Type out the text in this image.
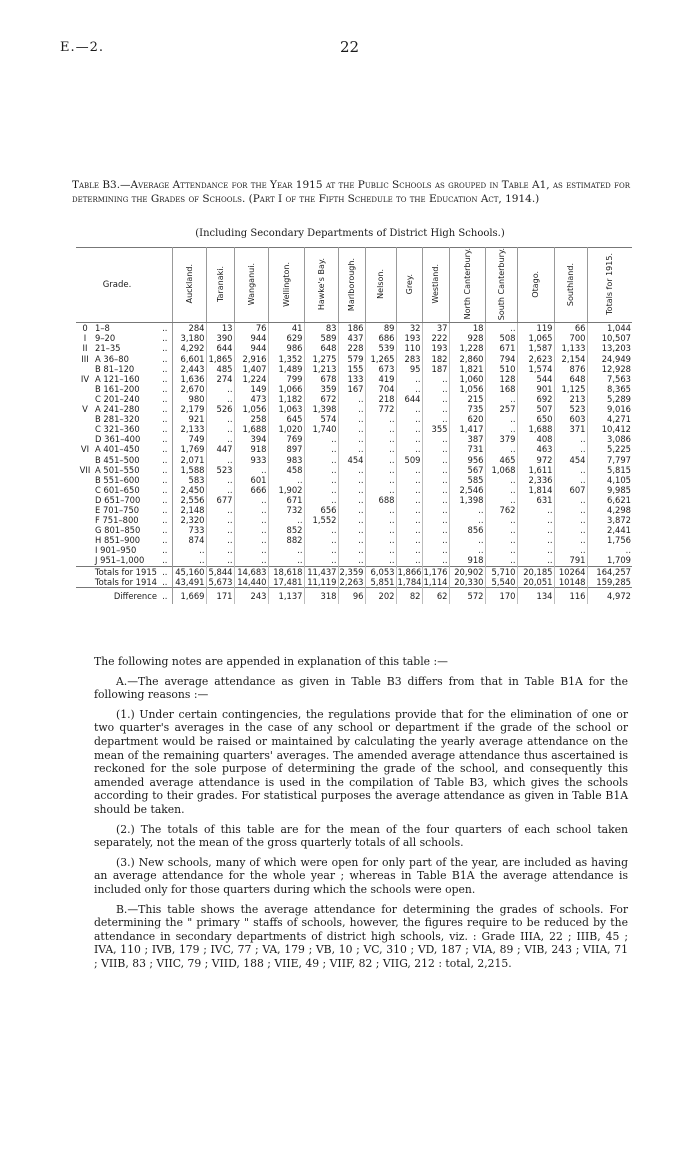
E.—2.	22
Table B3.—Average Attendance for the Year 1915 at the Public Schools as grouped in Table A1, as estimated for determining the Grades of Schools. (Part I of the Fifth Schedule to the Education Act, 1914.)
(Including Secondary Departments of District High Schools.)
Grade.			Auckland.	Taranaki.	Wanganui.	Wellington.	Hawke's Bay.	Marlborough.	Nelson.	Grey.	Westland.	North Canterbury.	South Canterbury.	Otago.	Southland.	Totals for 1915.
0	1–8	..	284	13	76	41	83	186	89	32	37	18	..	119	66	1,044
I	9–20	..	3,180	390	944	629	589	437	686	193	222	928	508	1,065	700	10,507
II	21–35	..	4,292	644	944	986	648	228	539	110	193	1,228	671	1,587	1,133	13,203
III	A 36–80	..	6,601	1,865	2,916	1,352	1,275	579	1,265	283	182	2,860	794	2,623	2,154	24,949
	B 81–120	..	2,443	485	1,407	1,489	1,213	155	673	95	187	1,821	510	1,574	876	12,928
IV	A 121–160	..	1,636	274	1,224	799	678	133	419	..	..	1,060	128	544	648	7,563
	B 161–200	..	2,670	..	149	1,066	359	167	704	..	..	1,056	168	901	1,125	8,365
	C 201–240	..	980	..	473	1,182	672	..	218	644	..	215	..	692	213	5,289
V	A 241–280	..	2,179	526	1,056	1,063	1,398	..	772	..	..	735	257	507	523	9,016
	B 281–320	..	921	..	258	645	574	..	..	..	..	620	..	650	603	4,271
	C 321–360	..	2,133	..	1,688	1,020	1,740	..	..	..	355	1,417	..	1,688	371	10,412
	D 361–400	..	749	..	394	769	..	..	..	..	..	387	379	408	..	3,086
VI	A 401–450	..	1,769	447	918	897	..	..	..	..	..	731	..	463	..	5,225
	B 451–500	..	2,071	..	933	983	..	454	..	509	..	956	465	972	454	7,797
VII	A 501–550	..	1,588	523	..	458	..	..	..	..	..	567	1,068	1,611	..	5,815
	B 551–600	..	583	..	601	..	..	..	..	..	..	585	..	2,336	..	4,105
	C 601–650	..	2,450	..	666	1,902	..	..	..	..	..	2,546	..	1,814	607	9,985
	D 651–700	..	2,556	677	..	671	..	..	688	..	..	1,398	..	631	..	6,621
	E 701–750	..	2,148	..	..	732	656	..	..	..	..	..	762	..	..	4,298
	F 751–800	..	2,320	..	..	..	1,552	..	..	..	..	..	..	..	..	3,872
	G 801–850	..	733	..	..	852	..	..	..	..	..	856	..	..	..	2,441
	H 851–900	..	874	..	..	882	..	..	..	..	..	..	..	..	..	1,756
	I 901–950	..	..	..	..	..	..	..	..	..	..	..	..	..	..	..
	J 951–1,000	..	..	..	..	..	..	..	..	..	..	918	..	..	791	1,709
Totals for 1915		..	45,160	5,844	14,683	18,618	11,437	2,359	6,053	1,866	1,176	20,902	5,710	20,185	10264	164,257
Totals for 1914		..	43,491	5,673	14,440	17,481	11,119	2,263	5,851	1,784	1,114	20,330	5,540	20,051	10148	159,285
Difference		..	1,669	171	243	1,137	318	96	202	82	62	572	170	134	116	4,972

The following notes are appended in explanation of this table :—

A.—The average attendance as given in Table B3 differs from that in Table B1A for the following reasons :—

(1.) Under certain contingencies, the regulations provide that for the elimination of one or two quarter's averages in the case of any school or department if the grade of the school or department would be raised or maintained by calculating the yearly average attendance on the mean of the remaining quarters' averages. The amended average attendance thus ascertained is reckoned for the sole purpose of determining the grade of the school, and consequently this amended average attendance is used in the compilation of Table B3, which gives the schools according to their grades. For statistical purposes the average attendance as given in Table B1A should be taken.

(2.) The totals of this table are for the mean of the four quarters of each school taken separately, not the mean of the gross quarterly totals of all schools.

(3.) New schools, many of which were open for only part of the year, are included as having an average attendance for the whole year ; whereas in Table B1A the average attendance is included only for those quarters during which the schools were open.

B.—This table shows the average attendance for determining the grades of schools. For determining the " primary " staffs of schools, however, the figures require to be reduced by the attendance in secondary departments of district high schools, viz. : Grade IIIA, 22 ; IIIB, 45 ; IVA, 110 ; IVB, 179 ; IVC, 77 ; VA, 179 ; VB, 10 ; VC, 310 ; VD, 187 ; VIA, 89 ; VIB, 243 ; VIIA, 71 ; VIIB, 83 ; VIIC, 79 ; VIID, 188 ; VIIE, 49 ; VIIF, 82 ; VIIG, 212 : total, 2,215.
